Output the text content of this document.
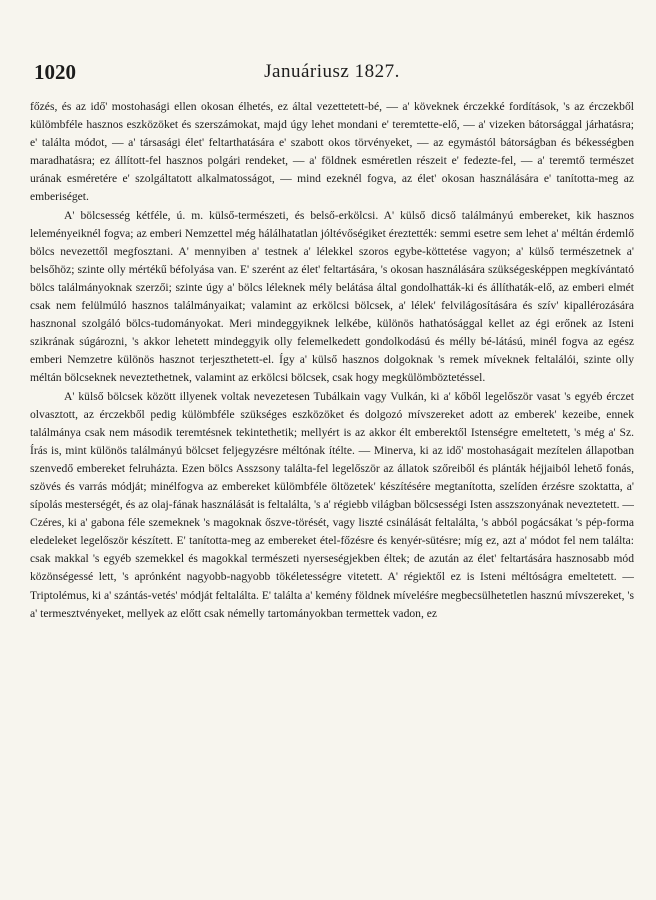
1020	Januáriusz 1827.

főzés, és az idő' mostohasági ellen okosan élhetés, ez által vezettetett-bé, — a' köveknek érczekké fordítások, 's az érczekből külömbféle hasznos eszközöket és szerszámokat, majd úgy lehet mondani e' teremtette-elő, — a' vizeken bátorsággal járhatásra; e' találta módot, — a' társasági élet' feltarthatására e' szabott okos törvényeket, — az egymástól bátorságban és békességben maradhatásra; ez állított-fel hasznos polgári rendeket, — a' földnek esméretlen részeit e' fedezte-fel, — a' teremtő természet urának esméretére e' szolgáltatott alkalmatosságot, — mind ezeknél fogva, az élet' okosan használására e' tanította-meg az emberiséget.

A' bölcsesség kétféle, ú. m. külső-természeti, és belső-erkölcsi. A' külső dicső találmányú embereket, kik hasznos leleményeiknél fogva; az emberi Nemzettel még hálálhatatlan jóltévőségiket éreztették: semmi esetre sem lehet a' méltán érdemlő bölcs nevezettől megfosztani. A' mennyiben a' testnek a' lélekkel szoros egybe-köttetése vagyon; a' külső természetnek a' belsőhöz; szinte olly mértékű béfolyása van. E' szerént az élet' feltartására, 's okosan használására szükségesképpen megkívántató bölcs találmányoknak szerzői; szinte úgy a' bölcs léleknek mély belátása által gondolhatták-ki és állíthaták-elő, az emberi elmét csak nem felülmúló hasznos találmányaikat; valamint az erkölcsi bölcsek, a' lélek' felvilágosítására és szív' kipallérozására hasznonal szolgáló bölcs-tudományokat. Meri mindeggyiknek lelkébe, különös hathatósággal kellet az égi erőnek az Isteni szikrának súgározni, 's akkor lehetett mindeggyik olly felemelkedett gondolkodású és mélly bé-látású, minél fogva az egész emberi Nemzetre különös hasznot terjeszthetett-el. Így a' külső hasznos dolgoknak 's remek míveknek feltalálói, szinte olly méltán bölcseknek neveztethetnek, valamint az erkölcsi bölcsek, csak hogy megkülömböztetéssel.

A' külső bölcsek között illyenek voltak nevezetesen Tubálkain vagy Vulkán, ki a' kőből legelőször vasat 's egyéb érczet olvasztott, az érczekből pedig külömbféle szükséges eszközöket és dolgozó mívszereket adott az emberek' kezeibe, ennek találmánya csak nem második teremtésnek tekintethetik; mellyért is az akkor élt emberektől Istenségre emeltetett, 's még a' Sz. Írás is, mint különös találmányú bölcset feljegyzésre méltónak ítélte. — Minerva, ki az idő' mostohaságait mezítelen állapotban szenvedő embereket felruházta. Ezen bölcs Asszsony találta-fel legelőször az állatok szőreiből és plánták héjjaiból lehető fonás, szövés és varrás módját; minélfogva az embereket külömbféle öltözetek' készítésére megtanította, szelíden érzésre szoktatta, a' sípolás mesterségét, és az olaj-fának használását is feltalálta, 's a' régiebb világban bölcsességi Isten asszszonyának neveztetett. — Czéres, ki a' gabona féle szemeknek 's magoknak őszve-törését, vagy liszté csinálását feltalálta, 's abból pogácsákat 's pép-forma eledeleket legelőször készített. E' tanította-meg az embereket étel-főzésre és kenyér-sütésre; míg ez, azt a' módot fel nem találta: csak makkal 's egyéb szemekkel és magokkal természeti nyerseségjekben éltek; de azután az élet' feltartására hasznosabb mód közönségessé lett, 's aprónként nagyobb-nagyobb tökéletességre vitetett. A' régiektől ez is Isteni méltóságra emeltetett. — Triptolémus, ki a' szántás-vetés' módját feltalálta. E' találta a' kemény földnek míveléśre megbecsülhetetlen hasznú mívszereket, 's a' termesztvényeket, mellyek az előtt csak némelly tartományokban termettek vadon, ez
